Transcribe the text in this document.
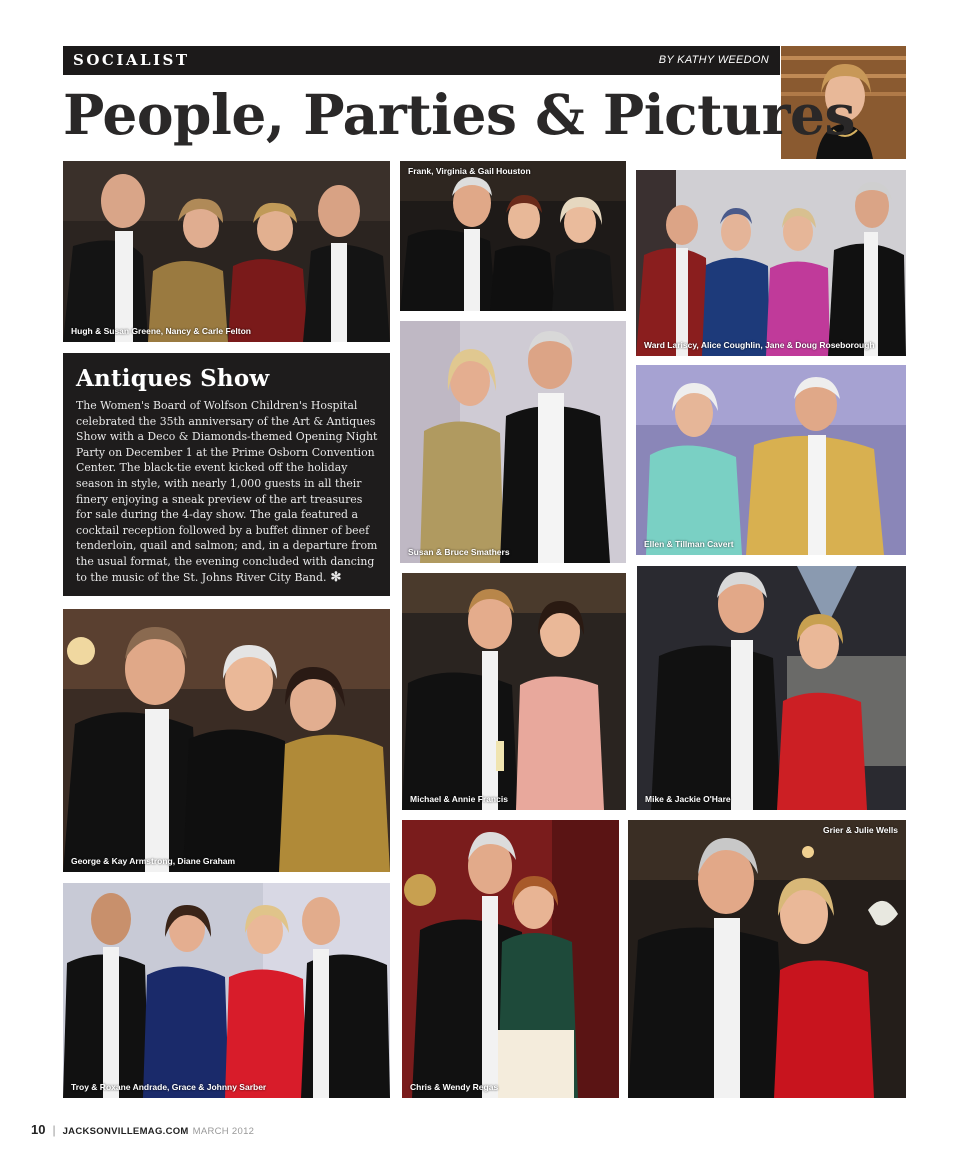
SOCIALIST	BY KATHY WEEDON
People, Parties & Pictures
Hugh & Susan Greene, Nancy & Carle Felton
Frank, Virginia & Gail Houston
Ward Lariscy, Alice Coughlin, Jane & Doug Roseborough
Antiques Show

The Women's Board of Wolfson Children's Hospital celebrated the 35th anniversary of the Art & Antiques Show with a Deco & Diamonds-themed Opening Night Party on December 1 at the Prime Osborn Convention Center. The black-tie event kicked off the holiday season in style, with nearly 1,000 guests in all their finery enjoying a sneak preview of the art treasures for sale during the 4-day show. The gala featured a cocktail reception followed by a buffet dinner of beef tenderloin, quail and salmon; and, in a departure from the usual format, the evening concluded with dancing to the music of the St. Johns River City Band. ✻

Susan & Bruce Smathers
Ellen & Tillman Cavert
George & Kay Armstrong, Diane Graham
Michael & Annie Francis	Mike & Jackie O'Hare
Troy & Roxane Andrade, Grace & Johnny Sarber	Chris & Wendy Regas
Grier & Julie Wells
10 | JACKSONVILLEMAG.COM MARCH 2012
